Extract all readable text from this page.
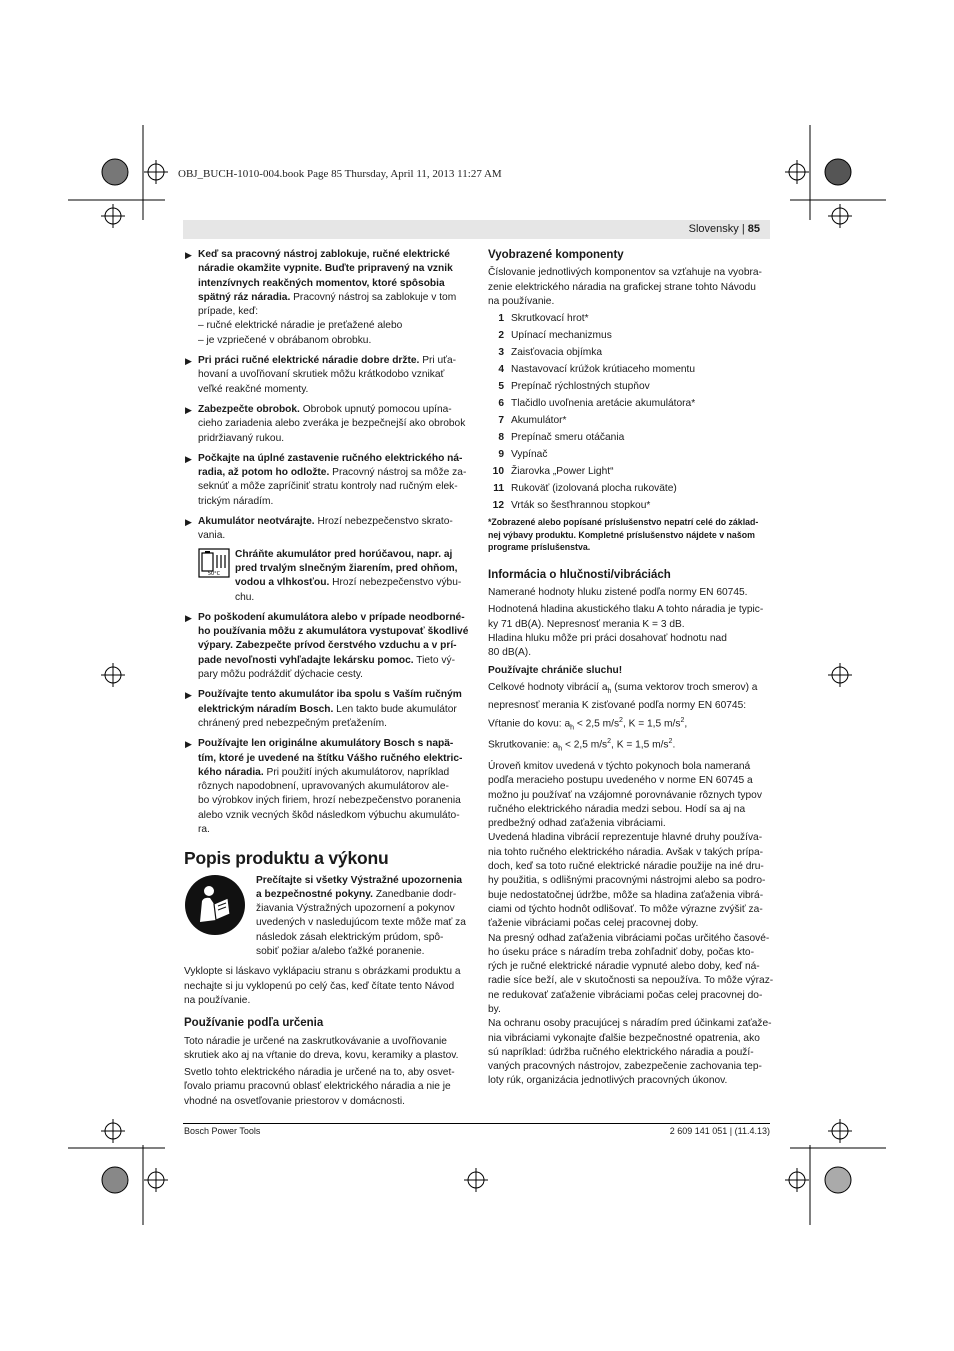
OBJ_BUCH-1010-004.book Page 85 Thursday, April 11, 2013 11:27 AM
Slovensky | 85
▶ Keď sa pracovný nástroj zablokuje, ručné elektrické
náradie okamžite vypnite. Buďte pripravený na vznik
intenzívnych reakčných momentov, ktoré spôsobia
spätný ráz náradia. Pracovný nástroj sa zablokuje v tom
prípade, keď:
– ručné elektrické náradie je preťažené alebo
– je vzpriečené v obrábanom obrobku.
▶ Pri práci ručné elektrické náradie dobre držte. Pri uťa-
hovaní a uvoľňovaní skrutiek môžu krátkodobo vznikať
veľké reakčné momenty.
▶ Zabezpečte obrobok. Obrobok upnutý pomocou upína-
cieho zariadenia alebo zveráka je bezpečnejší ako obrobok
pridržiavaný rukou.
▶ Počkajte na úplné zastavenie ručného elektrického ná-
radia, až potom ho odložte. Pracovný nástroj sa môže za-
seknúť a môže zapríčiniť stratu kontroly nad ručným elek-
trickým náradím.
▶ Akumulátor neotvárajte. Hrozí nebezpečenstvo skrato-
vania.
50°C
Chráňte akumulátor pred horúčavou, napr. aj
pred trvalým slnečným žiarením, pred ohňom,
vodou a vlhkosťou. Hrozí nebezpečenstvo výbu-
chu.
▶ Po poškodení akumulátora alebo v prípade neodborné-
ho používania môžu z akumulátora vystupovať škodlivé
výpary. Zabezpečte prívod čerstvého vzduchu a v prí-
pade nevoľnosti vyhľadajte lekársku pomoc. Tieto vý-
pary môžu podráždiť dýchacie cesty.
▶ Používajte tento akumulátor iba spolu s Vaším ručným
elektrickým náradím Bosch. Len takto bude akumulátor
chránený pred nebezpečným preťažením.
▶ Používajte len originálne akumulátory Bosch s napä-
tím, ktoré je uvedené na štítku Vášho ručného elektric-
kého náradia. Pri použití iných akumulátorov, napríklad
rôznych napodobnení, upravovaných akumulátorov ale-
bo výrobkov iných firiem, hrozí nebezpečenstvo poranenia
alebo vznik vecných škôd následkom výbuchu akumuláto-
ra.
Popis produktu a výkonu
Prečítajte si všetky Výstražné upozornenia
a bezpečnostné pokyny. Zanedbanie dodr-
žiavania Výstražných upozornení a pokynov
uvedených v nasledujúcom texte môže mať za
následok zásah elektrickým prúdom, spô-
sobiť požiar a/alebo ťažké poranenie.
Vyklopte si láskavo vyklápaciu stranu s obrázkami produktu a
nechajte si ju vyklopenú po celý čas, keď čítate tento Návod
na používanie.
Používanie podľa určenia
Toto náradie je určené na zaskrutkovávanie a uvoľňovanie
skrutiek ako aj na vŕtanie do dreva, kovu, keramiky a plastov.
Svetlo tohto elektrického náradia je určené na to, aby osvet-
ľovalo priamu pracovnú oblasť elektrického náradia a nie je
vhodné na osvetľovanie priestorov v domácnosti.
Vyobrazené komponenty
Číslovanie jednotlivých komponentov sa vzťahuje na vyobra-
zenie elektrického náradia na grafickej strane tohto Návodu
na používanie.
1 Skrutkovací hrot*
2 Upínací mechanizmus
3 Zaisťovacia objímka
4 Nastavovací krúžok krútiaceho momentu
5 Prepínač rýchlostných stupňov
6 Tlačidlo uvoľnenia aretácie akumulátora*
7 Akumulátor*
8 Prepínač smeru otáčania
9 Vypínač
10 Žiarovka „Power Light“
11 Rukoväť (izolovaná plocha rukoväte)
12 Vrták so šesťhrannou stopkou*
*Zobrazené alebo popísané príslušenstvo nepatrí celé do základ-
nej výbavy produktu. Kompletné príslušenstvo nájdete v našom
programe príslušenstva.
Informácia o hlučnosti/vibráciách
Namerané hodnoty hluku zistené podľa normy EN 60745.
Hodnotená hladina akustického tlaku A tohto náradia je typic-
ky 71 dB(A). Nepresnosť merania K = 3 dB.
Hladina hluku môže pri práci dosahovať hodnotu nad
80 dB(A).
Používajte chrániče sluchu!
Celkové hodnoty vibrácií $a_h$ (suma vektorov troch smerov) a
nepresnosť merania K zisťované podľa normy EN 60745:
Vŕtanie do kovu: $a_h < 2,5$ $m/s^2$, K = 1,5 $m/s^2$,
Skrutkovanie: $a_h < 2,5$ $m/s^2$, K = 1,5 $m/s^2$.
Úroveň kmitov uvedená v týchto pokynoch bola nameraná
podľa meracieho postupu uvedeného v norme EN 60745 a
možno ju používať na vzájomné porovnávanie rôznych typov
ručného elektrického náradia medzi sebou. Hodí sa aj na
predbežný odhad zaťaženia vibráciami.
Uvedená hladina vibrácií reprezentuje hlavné druhy používa-
nia tohto ručného elektrického náradia. Avšak v takých prípa-
doch, keď sa toto ručné elektrické náradie použije na iné dru-
hy použitia, s odlišnými pracovnými nástrojmi alebo sa podro-
buje nedostatočnej údržbe, môže sa hladina zaťaženia vibrá-
ciami od týchto hodnôt odlišovať. To môže výrazne zvýšiť za-
ťaženie vibráciami počas celej pracovnej doby.
Na presný odhad zaťaženia vibráciami počas určitého časové-
ho úseku práce s náradím treba zohľadniť doby, počas kto-
rých je ručné elektrické náradie vypnuté alebo doby, keď ná-
radie síce beží, ale v skutočnosti sa nepoužíva. To môže výraz-
ne redukovať zaťaženie vibráciami počas celej pracovnej do-
by.
Na ochranu osoby pracujúcej s náradím pred účinkami zaťaže-
nia vibráciami vykonajte ďalšie bezpečnostné opatrenia, ako
sú napríklad: údržba ručného elektrického náradia a použí-
vaných pracovných nástrojov, zabezpečenie zachovania tep-
loty rúk, organizácia jednotlivých pracovných úkonov.
Bosch Power Tools	2 609 141 051 | (11.4.13)
